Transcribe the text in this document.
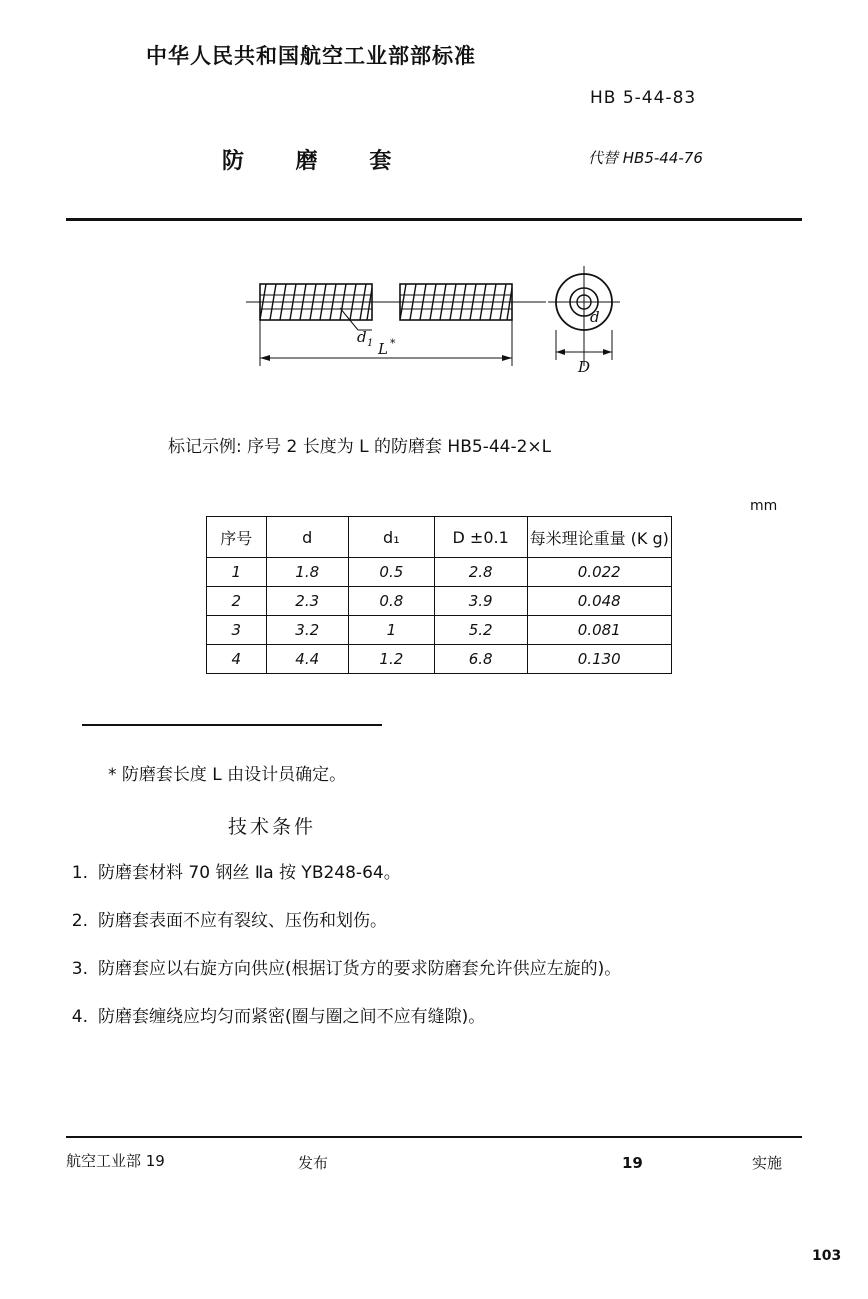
中华人民共和国航空工业部部标准
HB 5-44-83
防 磨 套	代替 HB5-44-76
d 1 L *
d
D
标记示例: 序号 2 长度为 L 的防磨套 HB5-44-2×L
mm
序号	d	d₁	D ±0.1	每米理论重量 (K g)
1	1.8	0.5	2.8	0.022
2	2.3	0.8	3.9	0.048
3	3.2	1	5.2	0.081
4	4.4	1.2	6.8	0.130
* 防磨套长度 L 由设计员确定。
技术条件
1. 防磨套材料 70 钢丝 Ⅱa 按 YB248-64。
2. 防磨套表面不应有裂纹、压伤和划伤。
3. 防磨套应以右旋方向供应(根据订货方的要求防磨套允许供应左旋的)。
4. 防磨套缠绕应均匀而紧密(圈与圈之间不应有缝隙)。
航空工业部 19	发布	19	实施
103
